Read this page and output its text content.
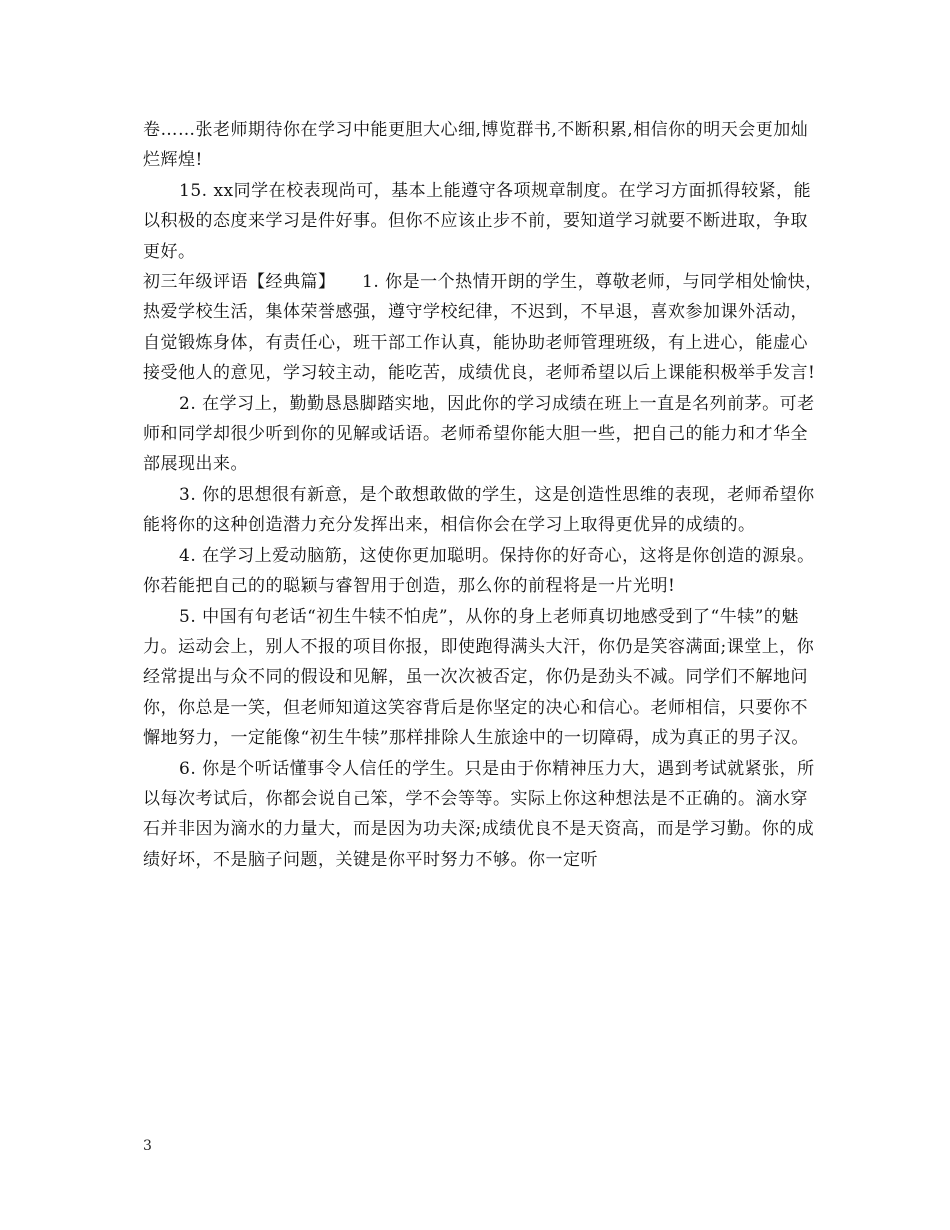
卷……张老师期待你在学习中能更胆大心细,博览群书,不断积累,相信你的明天会更加灿烂辉煌!

15. xx同学在校表现尚可，基本上能遵守各项规章制度。在学习方面抓得较紧，能以积极的态度来学习是件好事。但你不应该止步不前，要知道学习就要不断进取，争取更好。

初三年级评语【经典篇】　　1. 你是一个热情开朗的学生，尊敬老师，与同学相处愉快，热爱学校生活，集体荣誉感强，遵守学校纪律，不迟到，不早退，喜欢参加课外活动，自觉锻炼身体，有责任心，班干部工作认真，能协助老师管理班级，有上进心，能虚心接受他人的意见，学习较主动，能吃苦，成绩优良，老师希望以后上课能积极举手发言!

2. 在学习上，勤勤恳恳脚踏实地，因此你的学习成绩在班上一直是名列前茅。可老师和同学却很少听到你的见解或话语。老师希望你能大胆一些，把自己的能力和才华全部展现出来。

3. 你的思想很有新意，是个敢想敢做的学生，这是创造性思维的表现，老师希望你能将你的这种创造潜力充分发挥出来，相信你会在学习上取得更优异的成绩的。

4. 在学习上爱动脑筋，这使你更加聪明。保持你的好奇心，这将是你创造的源泉。你若能把自己的的聪颖与睿智用于创造，那么你的前程将是一片光明!

5. 中国有句老话“初生牛犊不怕虎”，从你的身上老师真切地感受到了“牛犊”的魅力。运动会上，别人不报的项目你报，即使跑得满头大汗，你仍是笑容满面;课堂上，你经常提出与众不同的假设和见解，虽一次次被否定，你仍是劲头不减。同学们不解地问你，你总是一笑，但老师知道这笑容背后是你坚定的决心和信心。老师相信，只要你不懈地努力，一定能像“初生牛犊”那样排除人生旅途中的一切障碍，成为真正的男子汉。

6. 你是个听话懂事令人信任的学生。只是由于你精神压力大，遇到考试就紧张，所以每次考试后，你都会说自己笨，学不会等等。实际上你这种想法是不正确的。滴水穿石并非因为滴水的力量大，而是因为功夫深;成绩优良不是天资高，而是学习勤。你的成绩好坏，不是脑子问题，关键是你平时努力不够。你一定听

3
